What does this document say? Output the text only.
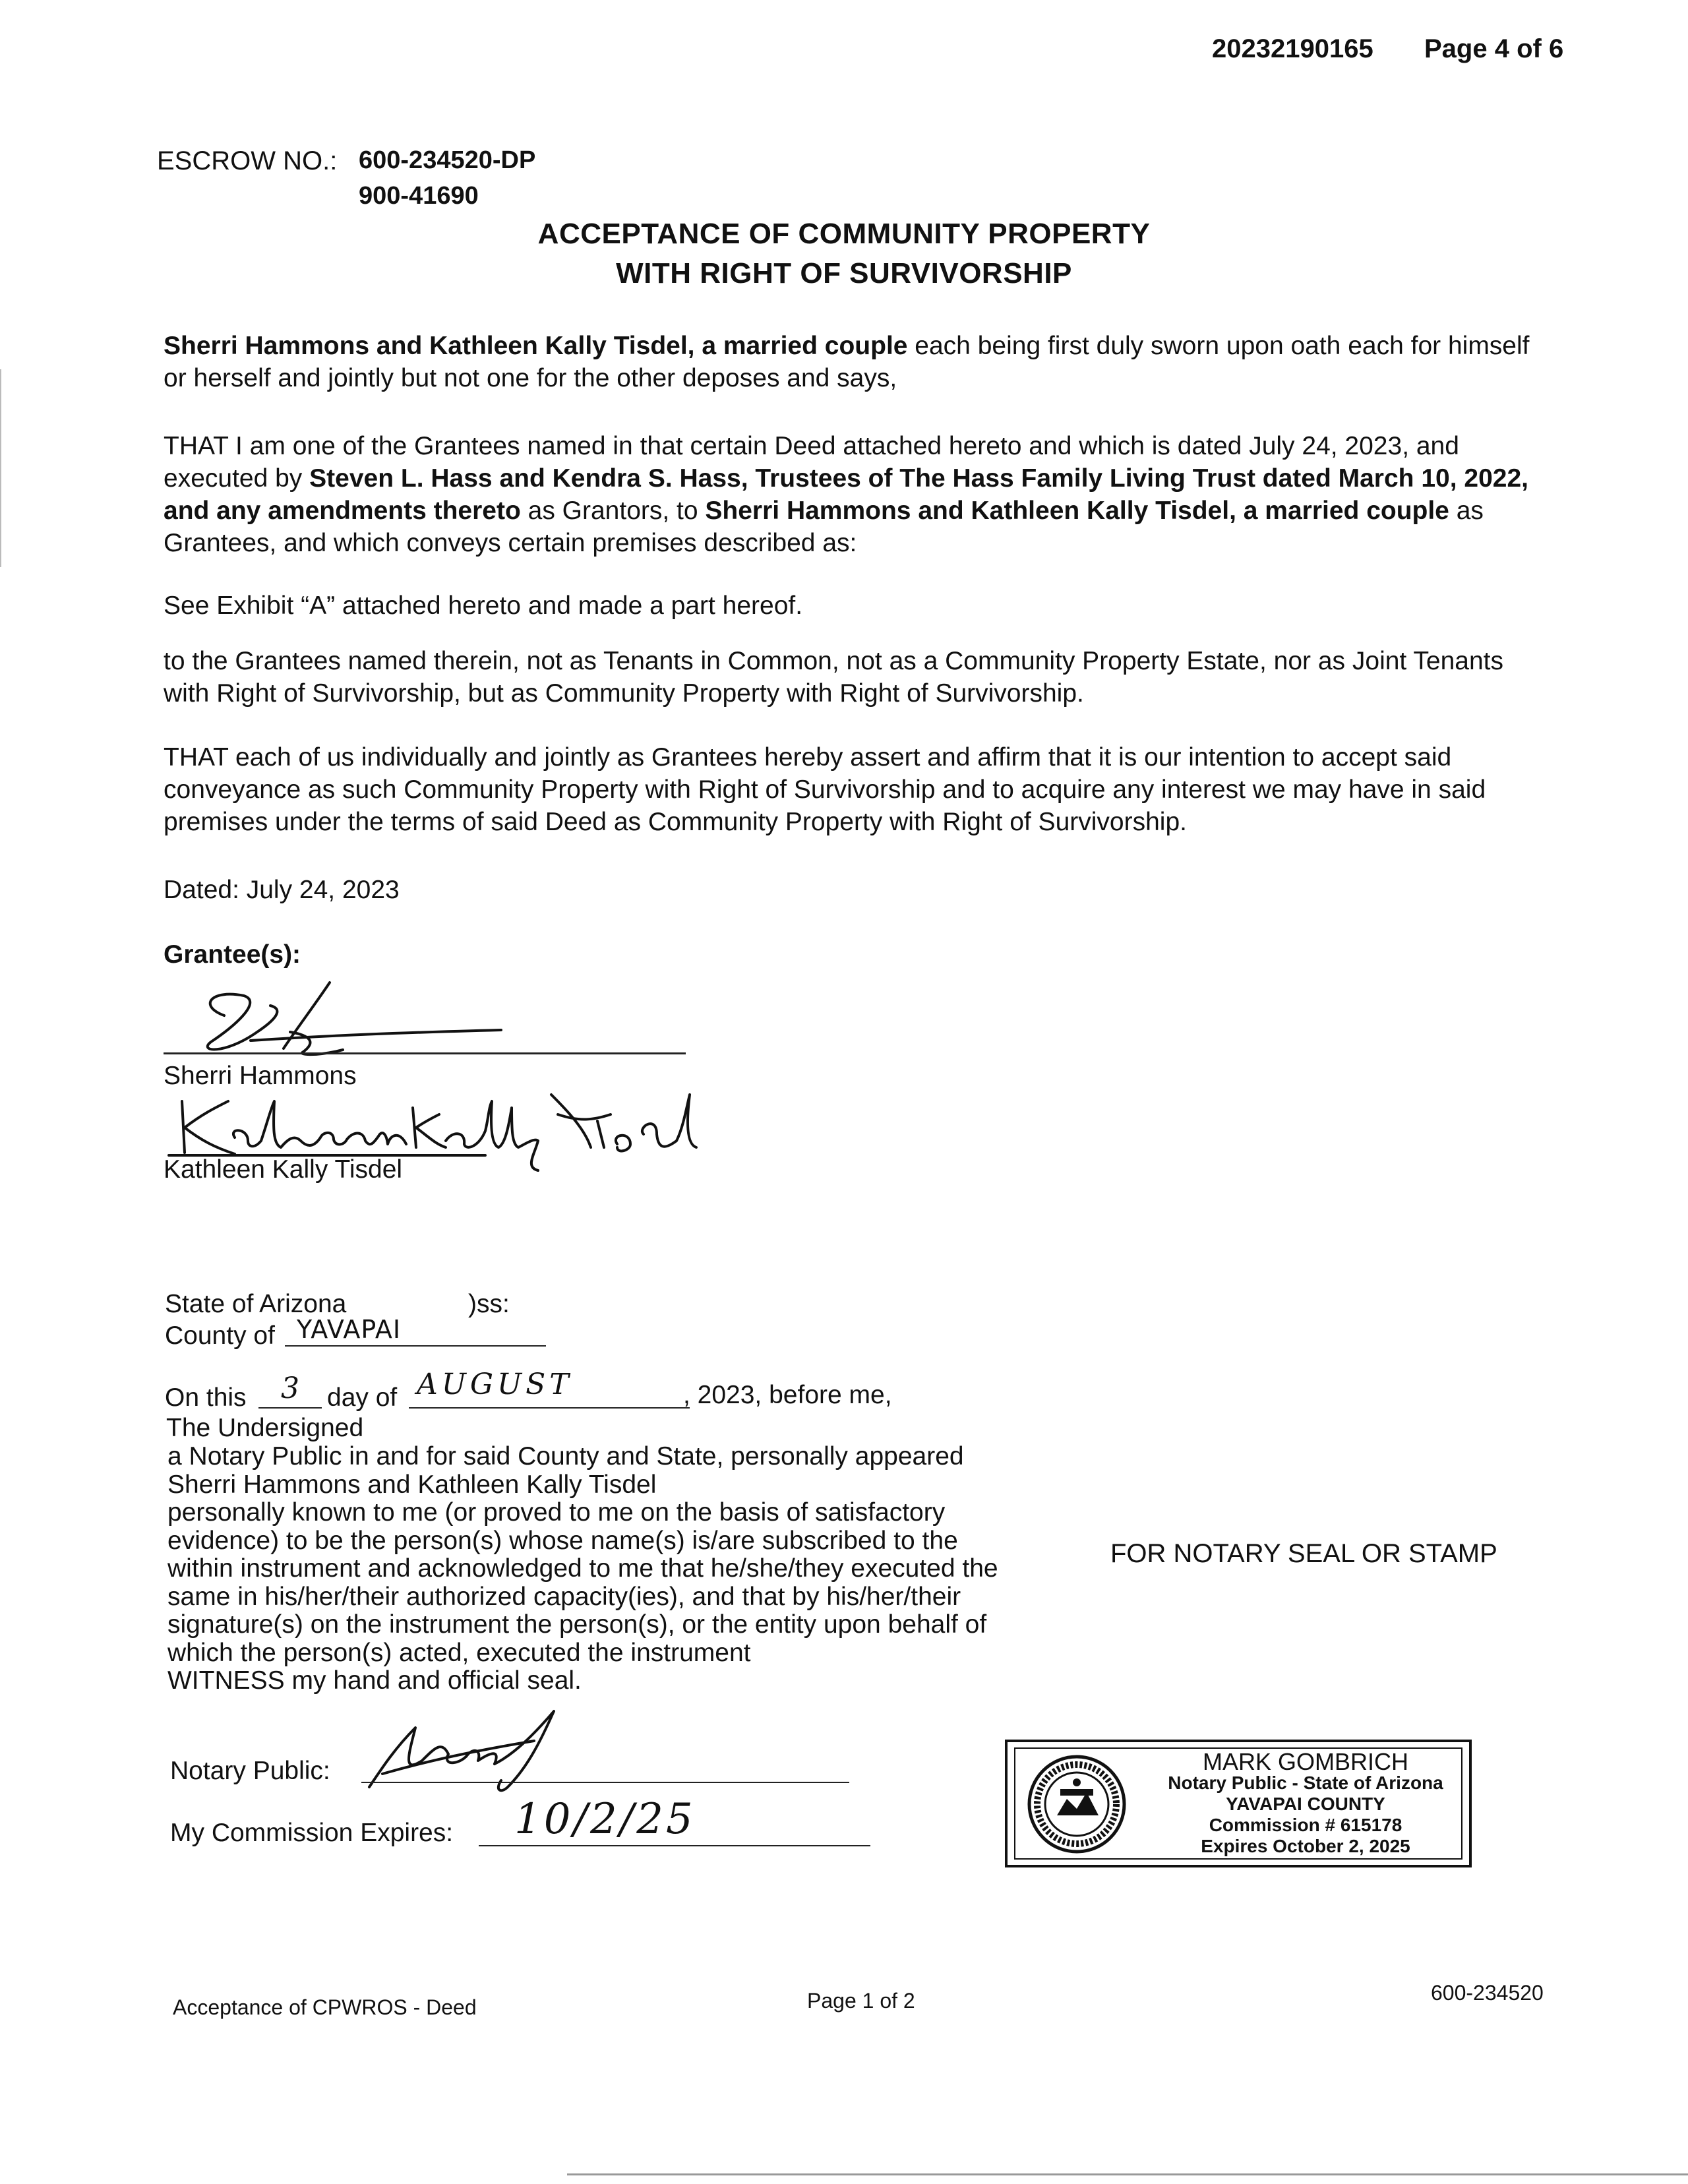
20232190165 Page 4 of 6
ESCROW NO.: 600-234520-DP
900-41690
ACCEPTANCE OF COMMUNITY PROPERTY
WITH RIGHT OF SURVIVORSHIP

Sherri Hammons and Kathleen Kally Tisdel, a married couple each being first duly sworn upon oath each for himself or herself and jointly but not one for the other deposes and says,

THAT I am one of the Grantees named in that certain Deed attached hereto and which is dated July 24, 2023, and executed by Steven L. Hass and Kendra S. Hass, Trustees of The Hass Family Living Trust dated March 10, 2022, and any amendments thereto as Grantors, to Sherri Hammons and Kathleen Kally Tisdel, a married couple as Grantees, and which conveys certain premises described as:

See Exhibit “A” attached hereto and made a part hereof.

to the Grantees named therein, not as Tenants in Common, not as a Community Property Estate, nor as Joint Tenants with Right of Survivorship, but as Community Property with Right of Survivorship.

THAT each of us individually and jointly as Grantees hereby assert and affirm that it is our intention to accept said conveyance as such Community Property with Right of Survivorship and to acquire any interest we may have in said premises under the terms of said Deed as Community Property with Right of Survivorship.

Dated: July 24, 2023
Grantee(s):
Sherri Hammons
Kathleen Kally Tisdel
State of Arizona	)ss:
County of YAVAPAI
On this 3 day of AUGUST	, 2023, before me,
The Undersigned
a Notary Public in and for said County and State, personally appeared
Sherri Hammons and Kathleen Kally Tisdel
personally known to me (or proved to me on the basis of satisfactory
evidence) to be the person(s) whose name(s) is/are subscribed to the
within instrument and acknowledged to me that he/she/they executed the
same in his/her/their authorized capacity(ies), and that by his/her/their
signature(s) on the instrument the person(s), or the entity upon behalf of
which the person(s) acted, executed the instrument
WITNESS my hand and official seal.
FOR NOTARY SEAL OR STAMP
Notary Public:
My Commission Expires: 10/2/25
MARK GOMBRICH
Notary Public - State of Arizona
YAVAPAI COUNTY
Commission # 615178
Expires October 2, 2025
Acceptance of CPWROS - Deed	Page 1 of 2	600-234520
